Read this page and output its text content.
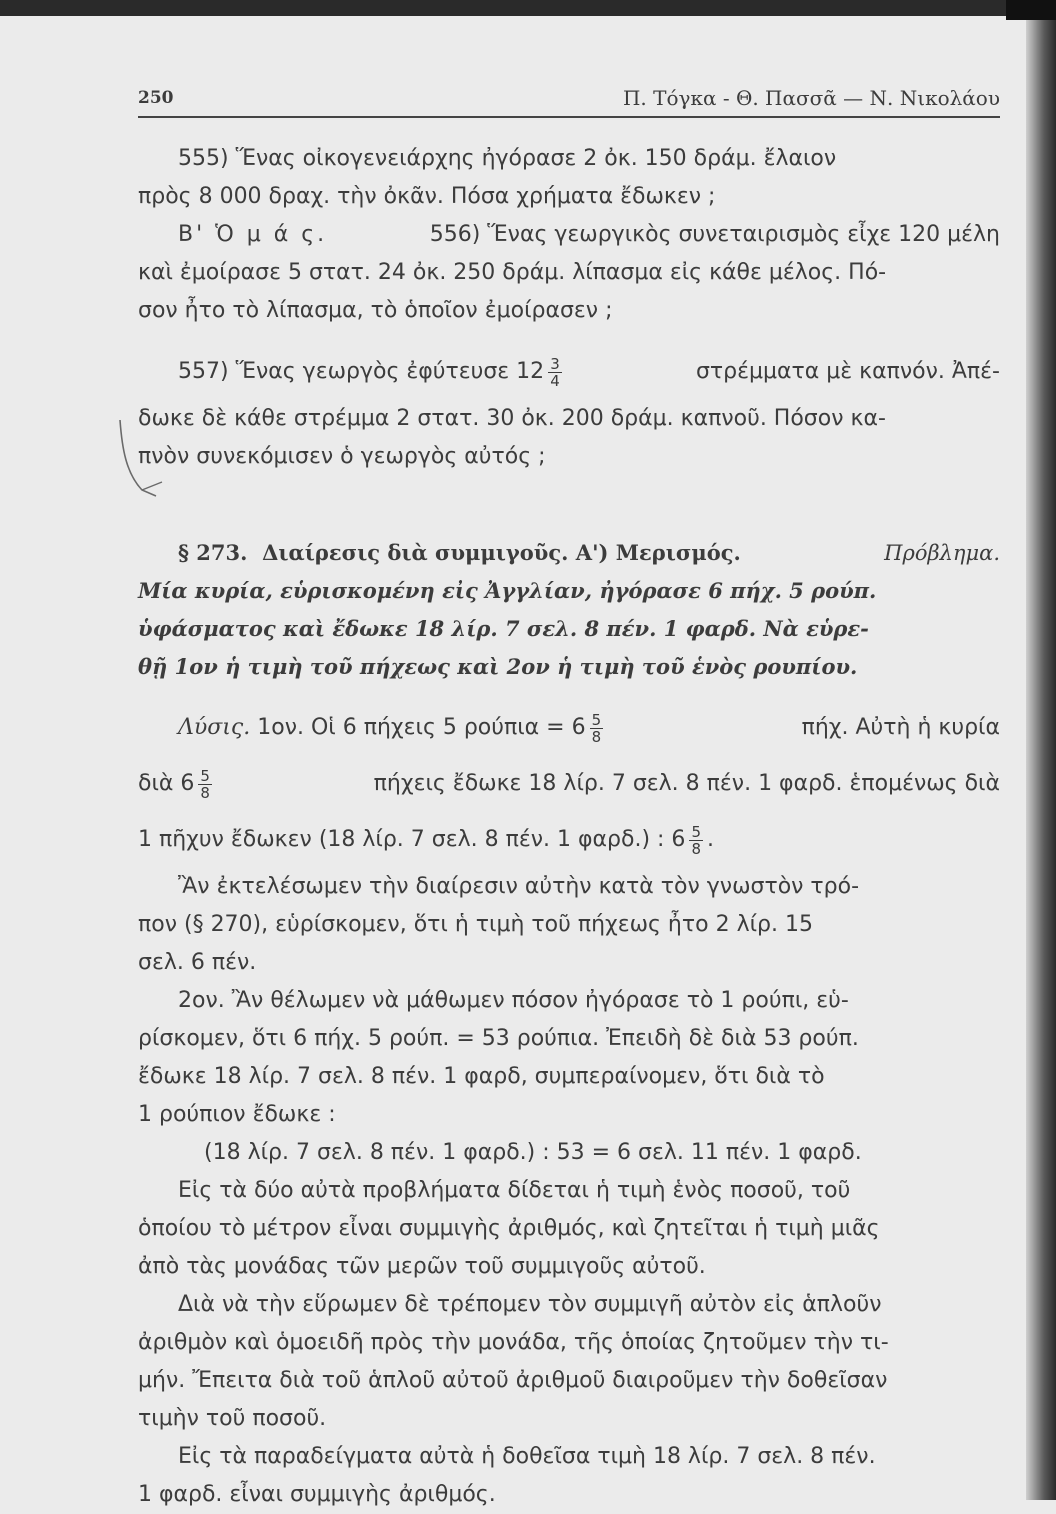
250	Π. Τόγκα - Θ. Πασσᾶ — Ν. Νικολάου
555) Ἕνας οἰκογενειάρχης ἠγόρασε 2 ὀκ. 150 δράμ. ἔλαιον
πρὸς 8 000 δραχ. τὴν ὀκᾶν. Πόσα χρήματα ἔδωκεν ;
Β' Ὁ μ ά ς.	556) Ἕνας γεωργικὸς συνεταιρισμὸς εἶχε 120 μέλη
καὶ ἐμοίρασε 5 στατ. 24 ὀκ. 250 δράμ. λίπασμα εἰς κάθε μέλος. Πό-
σον ἦτο τὸ λίπασμα, τὸ ὁποῖον ἐμοίρασεν ;
557) Ἕνας γεωργὸς ἐφύτευσε $12 \frac{3}{4}$	στρέμματα μὲ καπνόν. Ἀπέ-
δωκε δὲ κάθε στρέμμα 2 στατ. 30 ὀκ. 200 δράμ. καπνοῦ. Πόσον κα-
πνὸν συνεκόμισεν ὁ γεωργὸς αὐτός ;
§ 273. Διαίρεσις διὰ συμμιγοῦς. Α') Μερισμός.	Πρόβλημα.
Μία κυρία, εὑρισκομένη εἰς Ἀγγλίαν, ἠγόρασε 6 πήχ. 5 ρούπ.
ὑφάσματος καὶ ἔδωκε 18 λίρ. 7 σελ. 8 πέν. 1 φαρδ. Νὰ εὑρε-
θῇ 1ον ἡ τιμὴ τοῦ πήχεως καὶ 2ον ἡ τιμὴ τοῦ ἑνὸς ρουπίου.
Λύσις. 1ον. Οἱ 6 πήχεις 5 $\rho oύ\pi\iota\alpha = 6 \frac{5}{8}$	πήχ. Αὐτὴ ἡ κυρία
διὰ $6 \frac{5}{8}$	πήχεις ἔδωκε 18 λίρ. 7 σελ. 8 πέν. 1 φαρδ. ἑπομένως διὰ
1 πῆχυν ἔδωκεν (18 λίρ. 7 σελ. 8 πέν. 1 φαρδ.) : $6 \frac{5}{8}$ .
Ἂν ἐκτελέσωμεν τὴν διαίρεσιν αὐτὴν κατὰ τὸν γνωστὸν τρό-
πον (§ 270), εὑρίσκομεν, ὅτι ἡ τιμὴ τοῦ πήχεως ἦτο 2 λίρ. 15
σελ. 6 πέν.
2ον. Ἂν θέλωμεν νὰ μάθωμεν πόσον ἠγόρασε τὸ 1 ρούπι, εὑ-
ρίσκομεν, ὅτι 6 πήχ. 5 ρούπ. = 53 ρούπια. Ἐπειδὴ δὲ διὰ 53 ρούπ.
ἔδωκε 18 λίρ. 7 σελ. 8 πέν. 1 φαρδ, συμπεραίνομεν, ὅτι διὰ τὸ
1 ρούπιον ἔδωκε :
(18 λίρ. 7 σελ. 8 πέν. 1 φαρδ.) : 53 = 6 σελ. 11 πέν. 1 φαρδ.
Εἰς τὰ δύο αὐτὰ προβλήματα δίδεται ἡ τιμὴ ἑνὸς ποσοῦ, τοῦ
ὁποίου τὸ μέτρον εἶναι συμμιγὴς ἀριθμός, καὶ ζητεῖται ἡ τιμὴ μιᾶς
ἀπὸ τὰς μονάδας τῶν μερῶν τοῦ συμμιγοῦς αὐτοῦ.
Διὰ νὰ τὴν εὕρωμεν δὲ τρέπομεν τὸν συμμιγῆ αὐτὸν εἰς ἁπλοῦν
ἀριθμὸν καὶ ὁμοειδῆ πρὸς τὴν μονάδα, τῆς ὁποίας ζητοῦμεν τὴν τι-
μήν. Ἔπειτα διὰ τοῦ ἁπλοῦ αὐτοῦ ἀριθμοῦ διαιροῦμεν τὴν δοθεῖσαν
τιμὴν τοῦ ποσοῦ.
Εἰς τὰ παραδείγματα αὐτὰ ἡ δοθεῖσα τιμὴ 18 λίρ. 7 σελ. 8 πέν.
1 φαρδ. εἶναι συμμιγὴς ἀριθμός.
